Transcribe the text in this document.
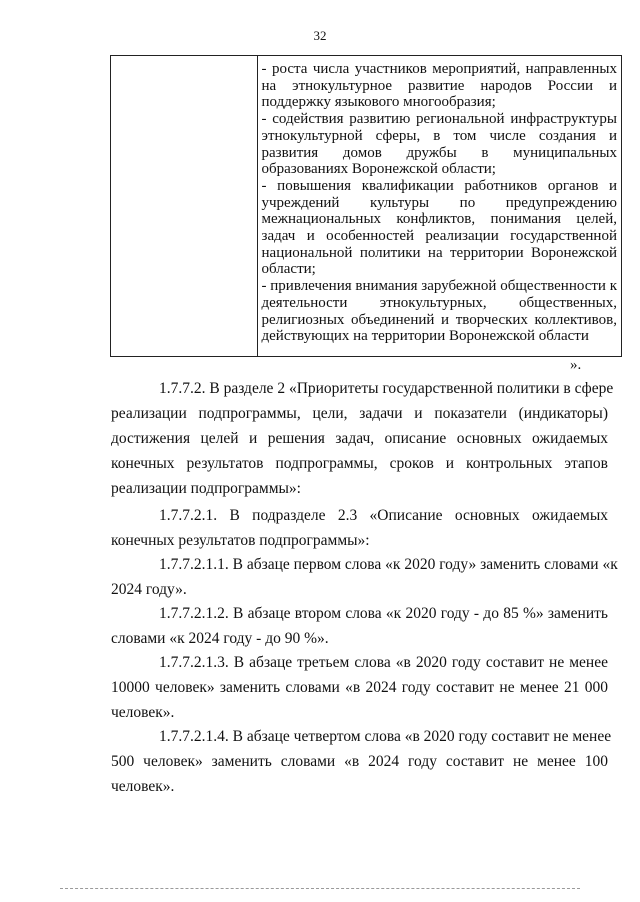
32
- роста числа участников мероприятий, направленных
на этнокультурное развитие народов России и
поддержку языкового многообразия;
- содействия развитию региональной инфраструктуры
этнокультурной сферы, в том числе создания и
развития домов дружбы в муниципальных
образованиях Воронежской области;
- повышения квалификации работников органов и
учреждений культуры по предупреждению
межнациональных конфликтов, понимания целей,
задач и особенностей реализации государственной
национальной политики на территории Воронежской
области;
- привлечения внимания зарубежной общественности к
деятельности этнокультурных, общественных,
религиозных объединений и творческих коллективов,
действующих на территории Воронежской области
».
1.7.7.2. В разделе 2 «Приоритеты государственной политики в сфере
реализации подпрограммы, цели, задачи и показатели (индикаторы)
достижения целей и решения задач, описание основных ожидаемых
конечных результатов подпрограммы, сроков и контрольных этапов
реализации подпрограммы»:
1.7.7.2.1. В подразделе 2.3 «Описание основных ожидаемых
конечных результатов подпрограммы»:
1.7.7.2.1.1. В абзаце первом слова «к 2020 году» заменить словами «к
2024 году».
1.7.7.2.1.2. В абзаце втором слова «к 2020 году - до 85 %» заменить
словами «к 2024 году - до 90 %».
1.7.7.2.1.3. В абзаце третьем слова «в 2020 году составит не менее
10000 человек» заменить словами «в 2024 году составит не менее 21 000
человек».
1.7.7.2.1.4. В абзаце четвертом слова «в 2020 году составит не менее
500 человек» заменить словами «в 2024 году составит не менее 100
человек».
